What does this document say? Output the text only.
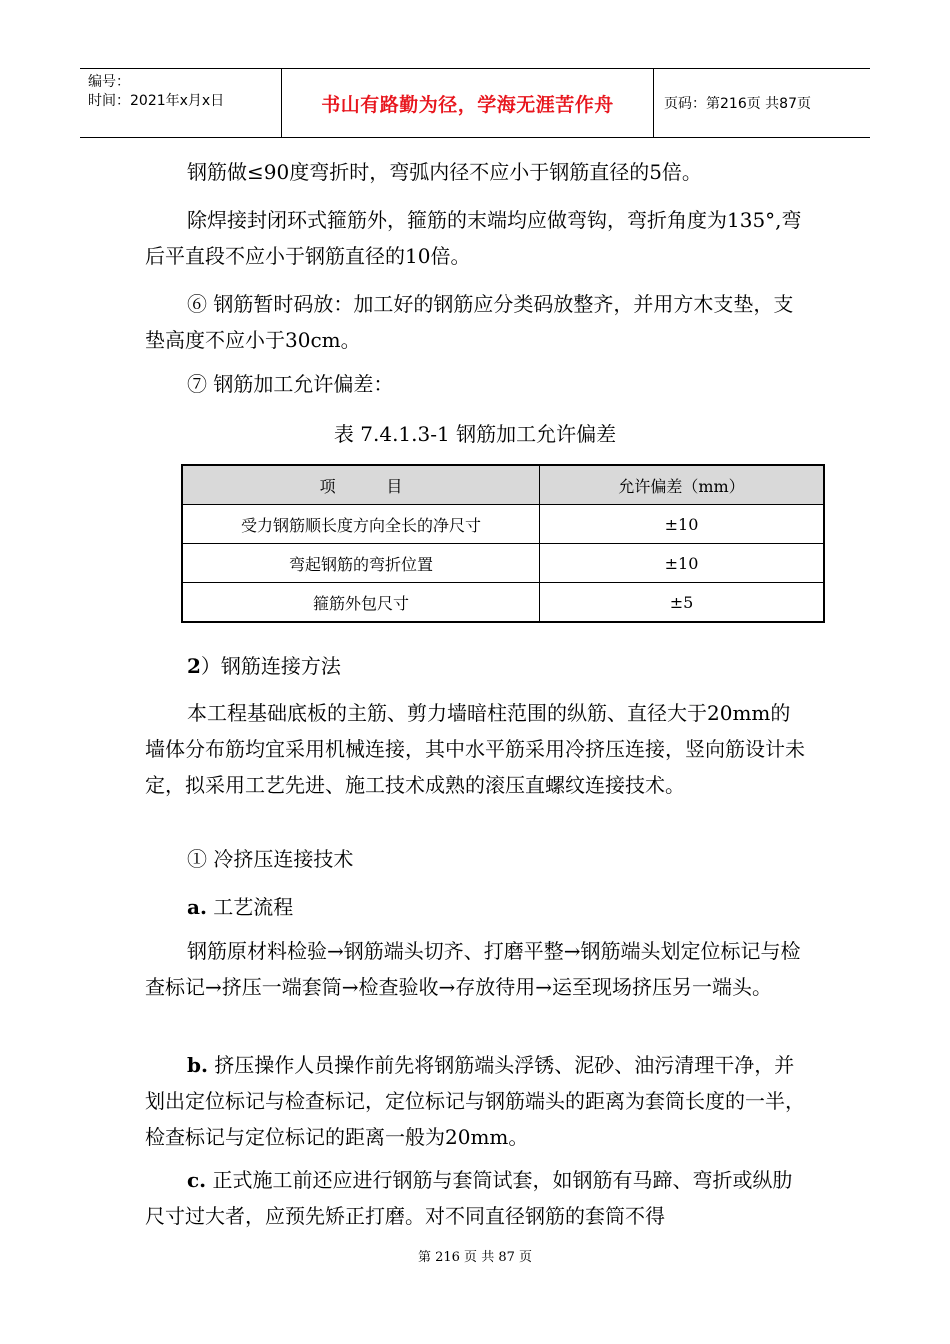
编号：
时间：2021年x月x日	书山有路勤为径，学海无涯苦作舟	页码：第216页 共87页
钢筋做≤90度弯折时，弯弧内径不应小于钢筋直径的5倍。
除焊接封闭环式箍筋外，箍筋的末端均应做弯钩，弯折角度为135°,弯后平直段不应小于钢筋直径的10倍。
⑥ 钢筋暂时码放：加工好的钢筋应分类码放整齐，并用方木支垫，支垫高度不应小于30cm。
⑦ 钢筋加工允许偏差：
表 7.4.1.3-1 钢筋加工允许偏差
项          目	允许偏差（mm）
受力钢筋顺长度方向全长的净尺寸	±10
弯起钢筋的弯折位置	±10
箍筋外包尺寸	±5
2）钢筋连接方法
本工程基础底板的主筋、剪力墙暗柱范围的纵筋、直径大于20mm的墙体分布筋均宜采用机械连接，其中水平筋采用冷挤压连接，竖向筋设计未定，拟采用工艺先进、施工技术成熟的滚压直螺纹连接技术。
① 冷挤压连接技术
a. 工艺流程
钢筋原材料检验→钢筋端头切齐、打磨平整→钢筋端头划定位标记与检查标记→挤压一端套筒→检查验收→存放待用→运至现场挤压另一端头。
b. 挤压操作人员操作前先将钢筋端头浮锈、泥砂、油污清理干净，并划出定位标记与检查标记，定位标记与钢筋端头的距离为套筒长度的一半，检查标记与定位标记的距离一般为20mm。
c. 正式施工前还应进行钢筋与套筒试套，如钢筋有马蹄、弯折或纵肋尺寸过大者，应预先矫正打磨。对不同直径钢筋的套筒不得
第 216 页 共 87 页
